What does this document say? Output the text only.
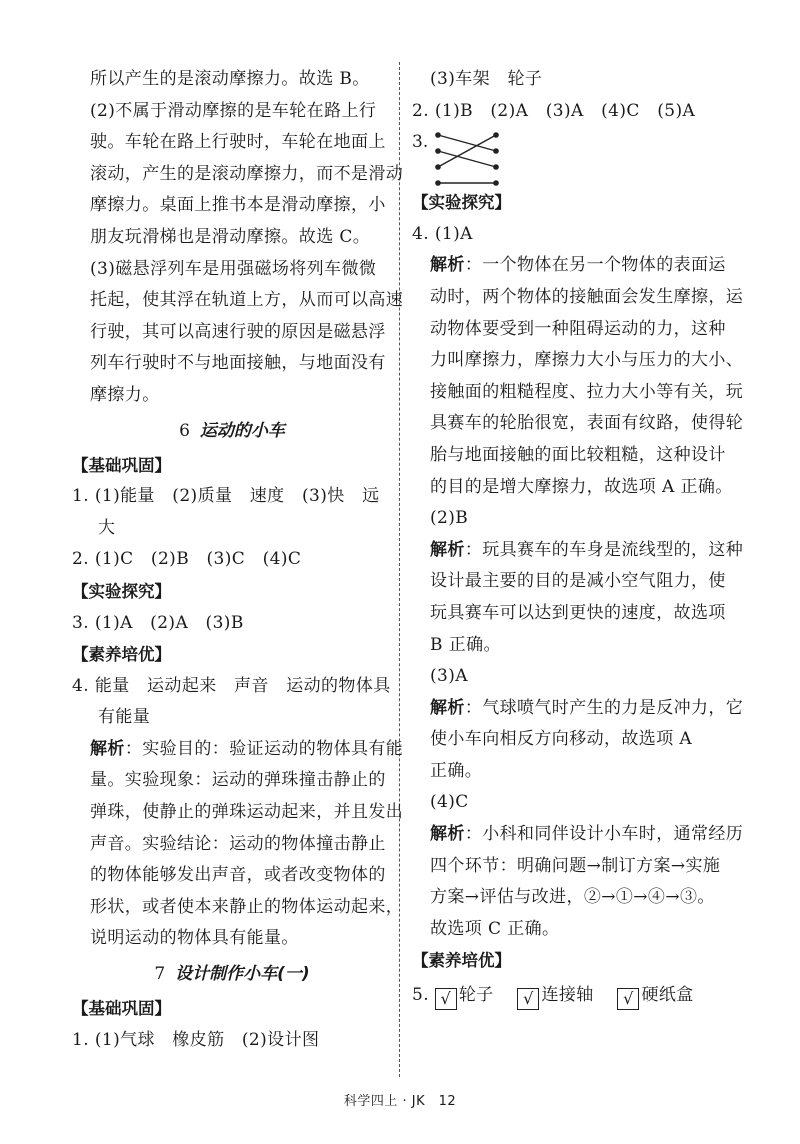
所以产生的是滚动摩擦力。故选 B。
(2)不属于滑动摩擦的是车轮在路上行
驶。车轮在路上行驶时，车轮在地面上
滚动，产生的是滚动摩擦力，而不是滑动
摩擦力。桌面上推书本是滑动摩擦，小
朋友玩滑梯也是滑动摩擦。故选 C。
(3)磁悬浮列车是用强磁场将列车微微
托起，使其浮在轨道上方，从而可以高速
行驶，其可以高速行驶的原因是磁悬浮
列车行驶时不与地面接触，与地面没有
摩擦力。
6 运动的小车
【基础巩固】
1. (1)能量　(2)质量　速度　(3)快　远
大
2. (1)C　(2)B　(3)C　(4)C
【实验探究】
3. (1)A　(2)A　(3)B
【素养培优】
4. 能量　运动起来　声音　运动的物体具
有能量
解析：实验目的：验证运动的物体具有能
量。实验现象：运动的弹珠撞击静止的
弹珠，使静止的弹珠运动起来，并且发出
声音。实验结论：运动的物体撞击静止
的物体能够发出声音，或者改变物体的
形状，或者使本来静止的物体运动起来，
说明运动的物体具有能量。
7 设计制作小车(一)
【基础巩固】
1. (1)气球　橡皮筋　(2)设计图
(3)车架　轮子
2. (1)B　(2)A　(3)A　(4)C　(5)A
3.
【实验探究】
4. (1)A
解析：一个物体在另一个物体的表面运
动时，两个物体的接触面会发生摩擦，运
动物体要受到一种阻碍运动的力，这种
力叫摩擦力，摩擦力大小与压力的大小、
接触面的粗糙程度、拉力大小等有关，玩
具赛车的轮胎很宽，表面有纹路，使得轮
胎与地面接触的面比较粗糙，这种设计
的目的是增大摩擦力，故选项 A 正确。
(2)B
解析：玩具赛车的车身是流线型的，这种
设计最主要的目的是减小空气阻力，使
玩具赛车可以达到更快的速度，故选项
B 正确。
(3)A
解析：气球喷气时产生的力是反冲力，它
使小车向相反方向移动，故选项 A
正确。
(4)C
解析：小科和同伴设计小车时，通常经历
四个环节：明确问题→制订方案→实施
方案→评估与改进，②→①→④→③。
故选项 C 正确。
【素养培优】
5. √ 轮子 √ 连接轴 √ 硬纸盒
科学四上 · JK　12
